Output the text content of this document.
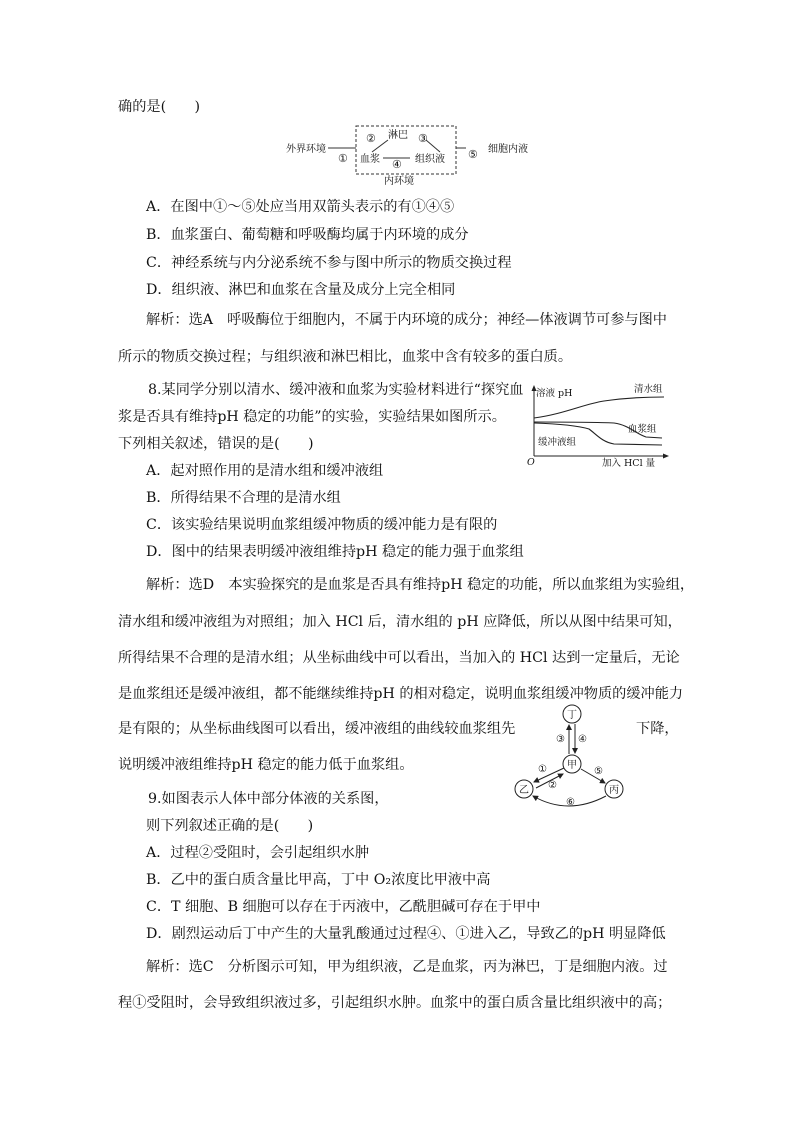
确的是(　　)
外界环境
①
② 淋巴 ③
血浆 ④ 组织液 ⑤ 细胞内液
内环境
A．在图中①～⑤处应当用双箭头表示的有①④⑤
B．血浆蛋白、葡萄糖和呼吸酶均属于内环境的成分
C．神经系统与内分泌系统不参与图中所示的物质交换过程
D．组织液、淋巴和血浆在含量及成分上完全相同
解析：选A　呼吸酶位于细胞内，不属于内环境的成分；神经—体液调节可参与图中
所示的物质交换过程；与组织液和淋巴相比，血浆中含有较多的蛋白质。
8.某同学分别以清水、缓冲液和血浆为实验材料进行“探究血
浆是否具有维持pH 稳定的功能”的实验，实验结果如图所示。
下列相关叙述，错误的是(　　)
溶液 pH
O	加入 HCl 量
清水组
血浆组
缓冲液组
A．起对照作用的是清水组和缓冲液组
B．所得结果不合理的是清水组
C．该实验结果说明血浆组缓冲物质的缓冲能力是有限的
D．图中的结果表明缓冲液组维持pH 稳定的能力强于血浆组
解析：选D　本实验探究的是血浆是否具有维持pH 稳定的功能，所以血浆组为实验组，
清水组和缓冲液组为对照组；加入 HCl 后，清水组的 pH 应降低，所以从图中结果可知，
所得结果不合理的是清水组；从坐标曲线中可以看出，当加入的 HCl 达到一定量后，无论
是血浆组还是缓冲液组，都不能继续维持pH 的相对稳定，说明血浆组缓冲物质的缓冲能力
是有限的；从坐标曲线图可以看出，缓冲液组的曲线较血浆组先	下降，
说明缓冲液组维持pH 稳定的能力低于血浆组。
丁
甲
乙	丙
③ ④
①
②
⑤
⑥
9.如图表示人体中部分体液的关系图，
则下列叙述正确的是(　　)
A．过程②受阻时，会引起组织水肿
B．乙中的蛋白质含量比甲高，丁中 O₂浓度比甲液中高
C．T 细胞、B 细胞可以存在于丙液中，乙酰胆碱可存在于甲中
D．剧烈运动后丁中产生的大量乳酸通过过程④、①进入乙，导致乙的pH 明显降低
解析：选C　分析图示可知，甲为组织液，乙是血浆，丙为淋巴，丁是细胞内液。过
程①受阻时，会导致组织液过多，引起组织水肿。血浆中的蛋白质含量比组织液中的高；
